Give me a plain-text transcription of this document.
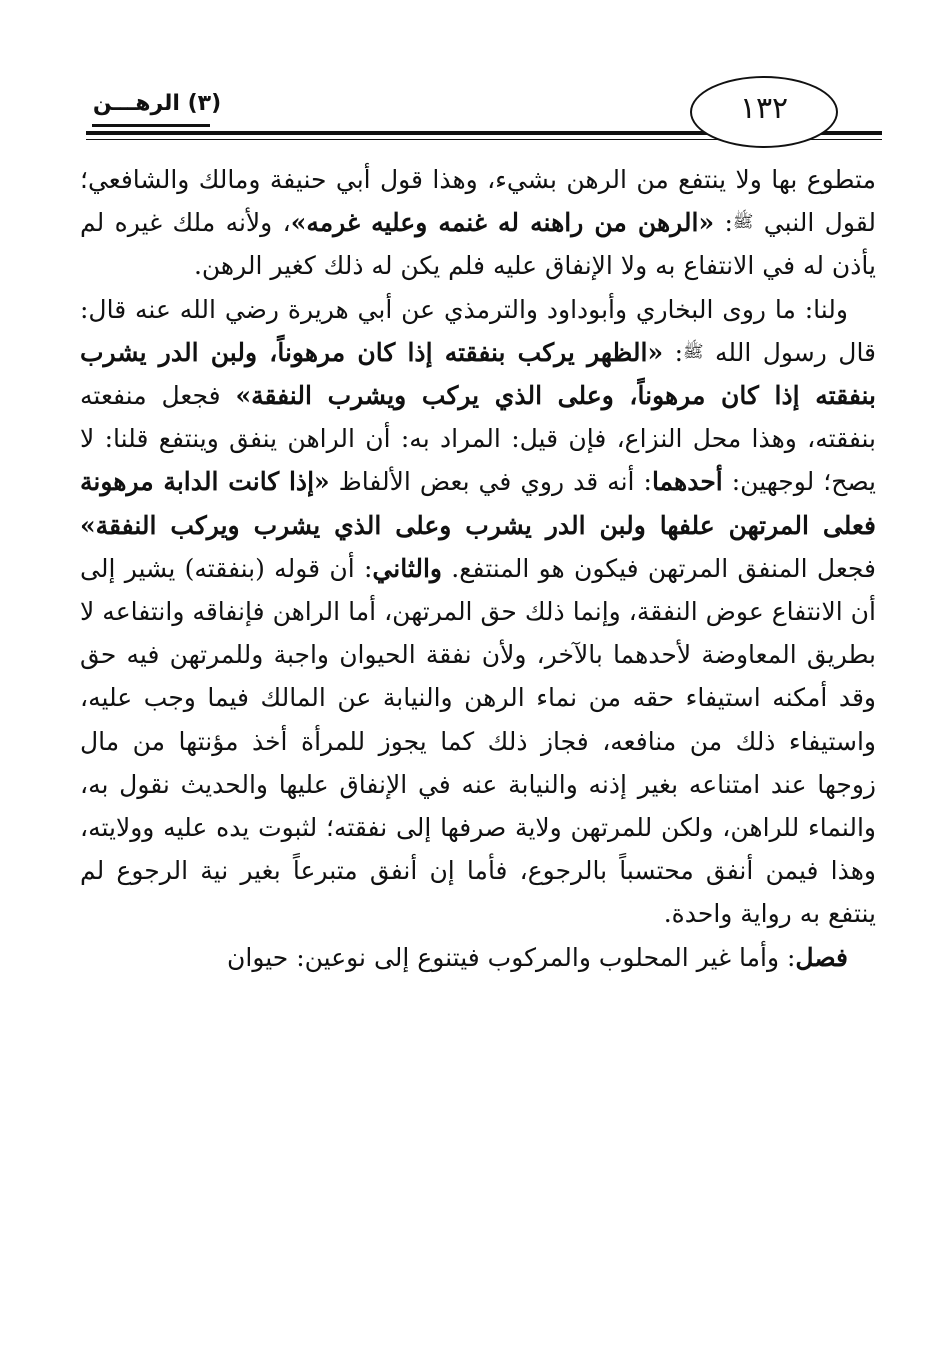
(٣) الرهـــن	١٣٢

متطوع بها ولا ينتفع من الرهن بشيء، وهذا قول أبي حنيفة ومالك والشافعي؛ لقول النبي ﷺ: «الرهن من راهنه له غنمه وعليه غرمه»، ولأنه ملك غيره لم يأذن له في الانتفاع به ولا الإنفاق عليه فلم يكن له ذلك كغير الرهن.

ولنا: ما روى البخاري وأبوداود والترمذي عن أبي هريرة رضي الله عنه قال: قال رسول الله ﷺ: «الظهر يركب بنفقته إذا كان مرهوناً، ولبن الدر يشرب بنفقته إذا كان مرهوناً، وعلى الذي يركب ويشرب النفقة» فجعل منفعته بنفقته، وهذا محل النزاع، فإن قيل: المراد به: أن الراهن ينفق وينتفع قلنا: لا يصح؛ لوجهين: أحدهما: أنه قد روي في بعض الألفاظ «إذا كانت الدابة مرهونة فعلى المرتهن علفها ولبن الدر يشرب وعلى الذي يشرب ويركب النفقة» فجعل المنفق المرتهن فيكون هو المنتفع. والثاني: أن قوله (بنفقته) يشير إلى أن الانتفاع عوض النفقة، وإنما ذلك حق المرتهن، أما الراهن فإنفاقه وانتفاعه لا بطريق المعاوضة لأحدهما بالآخر، ولأن نفقة الحيوان واجبة وللمرتهن فيه حق وقد أمكنه استيفاء حقه من نماء الرهن والنيابة عن المالك فيما وجب عليه، واستيفاء ذلك من منافعه، فجاز ذلك كما يجوز للمرأة أخذ مؤنتها من مال زوجها عند امتناعه بغير إذنه والنيابة عنه في الإنفاق عليها والحديث نقول به، والنماء للراهن، ولكن للمرتهن ولاية صرفها إلى نفقته؛ لثبوت يده عليه وولايته، وهذا فيمن أنفق محتسباً بالرجوع، فأما إن أنفق متبرعاً بغير نية الرجوع لم ينتفع به رواية واحدة.

فصل: وأما غير المحلوب والمركوب فيتنوع إلى نوعين: حيوان
